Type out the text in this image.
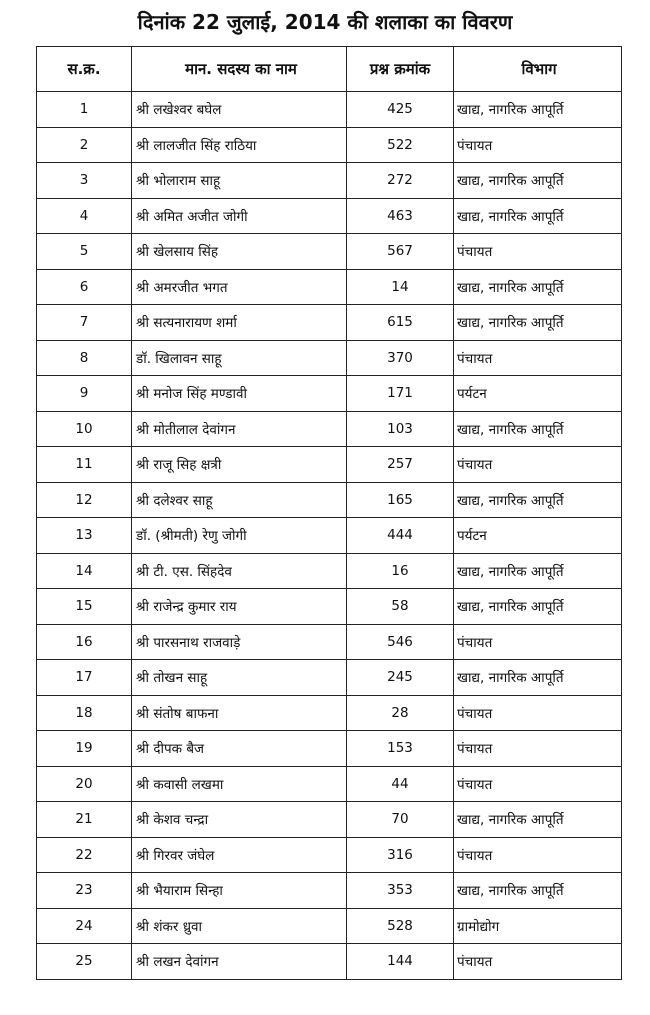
दिनांक 22 जुलाई, 2014 की शलाका का विवरण
स.क्र.	मान. सदस्य का नाम	प्रश्न क्रमांक	विभाग
1	श्री लखेश्वर बघेल	425	खाद्य, नागरिक आपूर्ति
2	श्री लालजीत सिंह राठिया	522	पंचायत
3	श्री भोलाराम साहू	272	खाद्य, नागरिक आपूर्ति
4	श्री अमित अजीत जोगी	463	खाद्य, नागरिक आपूर्ति
5	श्री खेलसाय सिंह	567	पंचायत
6	श्री अमरजीत भगत	14	खाद्य, नागरिक आपूर्ति
7	श्री सत्यनारायण शर्मा	615	खाद्य, नागरिक आपूर्ति
8	डॉ. खिलावन साहू	370	पंचायत
9	श्री मनोज सिंह मण्डावी	171	पर्यटन
10	श्री मोतीलाल देवांगन	103	खाद्य, नागरिक आपूर्ति
11	श्री राजू सिह क्षत्री	257	पंचायत
12	श्री दलेश्वर साहू	165	खाद्य, नागरिक आपूर्ति
13	डॉ. (श्रीमती) रेणु जोगी	444	पर्यटन
14	श्री टी. एस. सिंहदेव	16	खाद्य, नागरिक आपूर्ति
15	श्री राजेन्द्र कुमार राय	58	खाद्य, नागरिक आपूर्ति
16	श्री पारसनाथ राजवाड़े	546	पंचायत
17	श्री तोखन साहू	245	खाद्य, नागरिक आपूर्ति
18	श्री संतोष बाफना	28	पंचायत
19	श्री दीपक बैज	153	पंचायत
20	श्री कवासी लखमा	44	पंचायत
21	श्री केशव चन्द्रा	70	खाद्य, नागरिक आपूर्ति
22	श्री गिरवर जंघेल	316	पंचायत
23	श्री भैयाराम सिन्हा	353	खाद्य, नागरिक आपूर्ति
24	श्री शंकर ध्रुवा	528	ग्रामोद्योग
25	श्री लखन देवांगन	144	पंचायत
